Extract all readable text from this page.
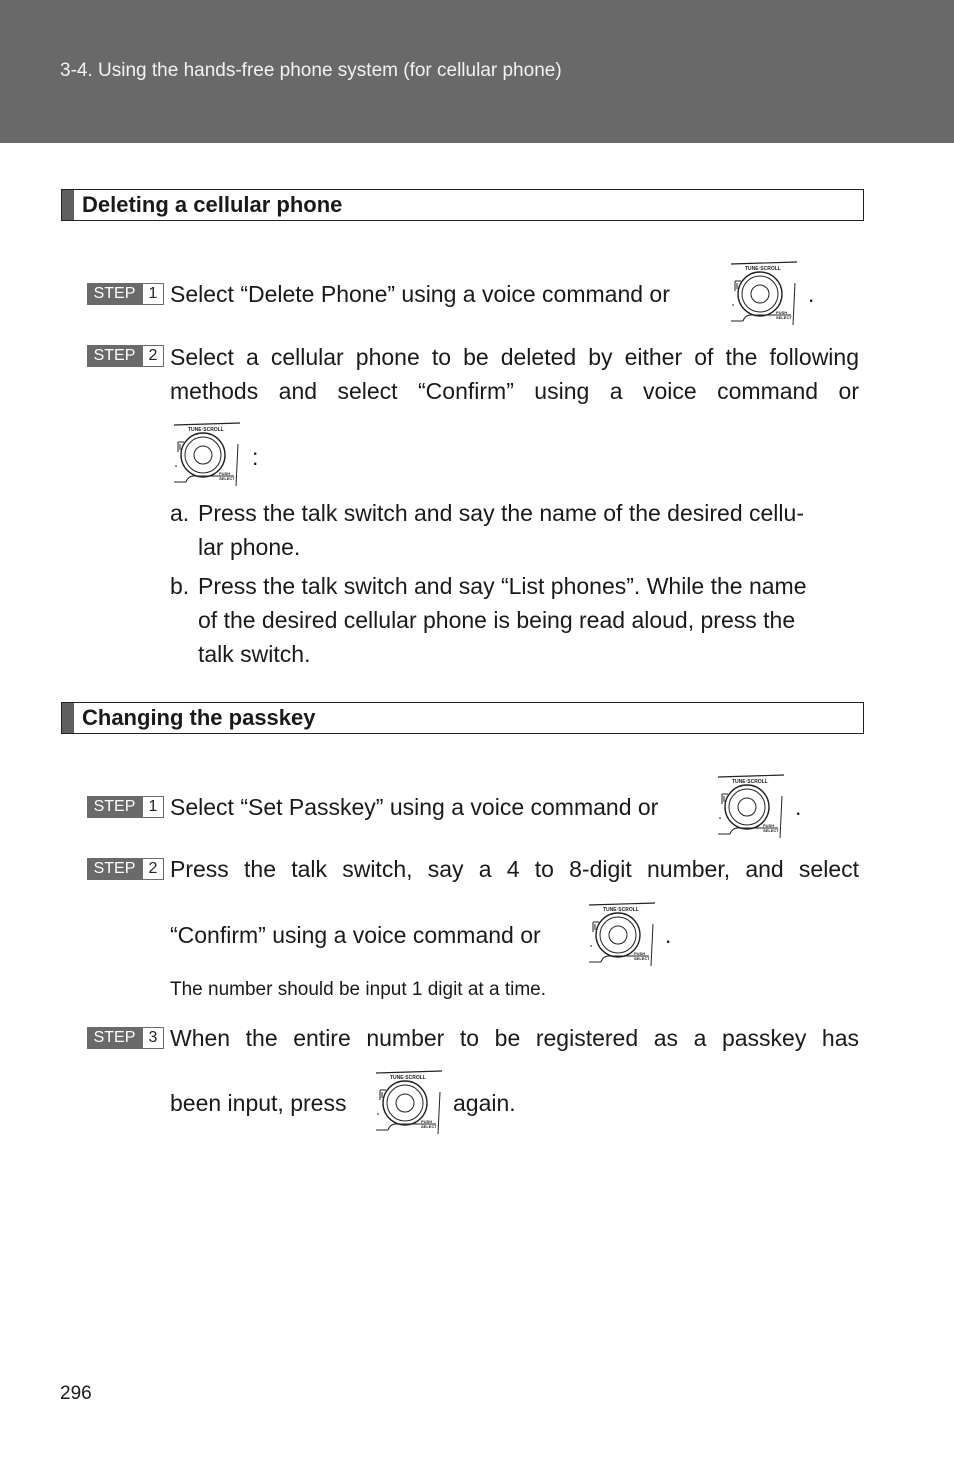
3-4. Using the hands-free phone system (for cellular phone)
Deleting a cellular phone
STEP 1 Select “Delete Phone” using a voice command or	.
STEP 2 Select a cellular phone to be deleted by either of the following
methods and select “Confirm” using a voice command or
:
a. Press the talk switch and say the name of the desired cellu-
lar phone.
b. Press the talk switch and say “List phones”. While the name
of the desired cellular phone is being read aloud, press the
talk switch.
Changing the passkey
STEP 1 Select “Set Passkey” using a voice command or	.
STEP 2 Press the talk switch, say a 4 to 8-digit number, and select
“Confirm” using a voice command or	.
The number should be input 1 digit at a time.
STEP 3 When the entire number to be registered as a passkey has
been input, press	again.
296
